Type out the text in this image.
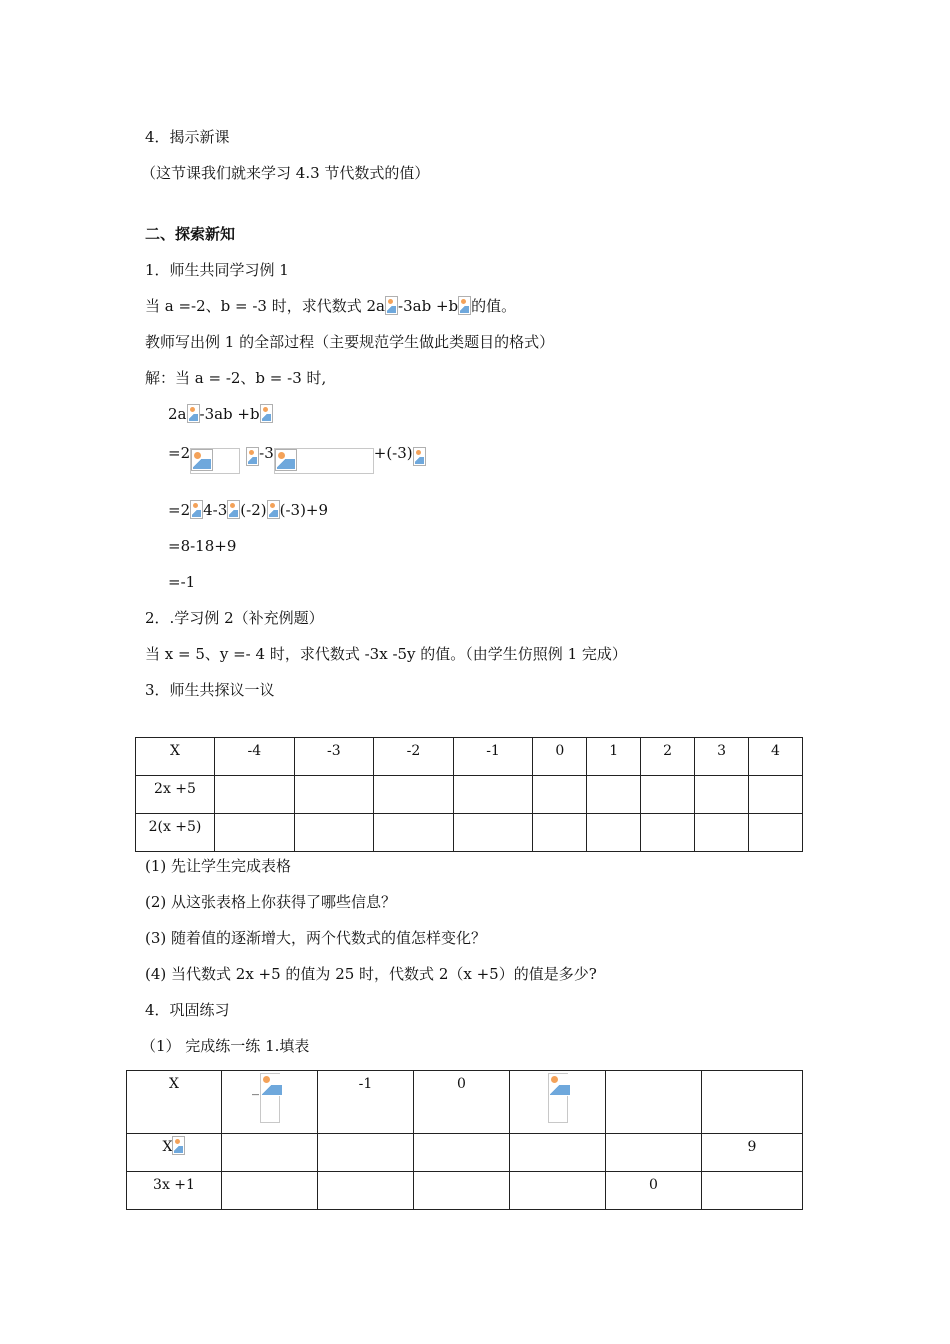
4．揭示新课
（这节课我们就来学习 4.3 节代数式的值）
二、探索新知
1．师生共同学习例 1
当 a =-2、b = -3 时，求代数式 2a -3ab +b 的值。
教师写出例 1 的全部过程（主要规范学生做此类题目的格式）
解：当 a = -2、b = -3 时,
2a -3ab +b
=2	-3	+(-3)
=2 4-3 (-2) (-3)+9
=8-18+9
=-1
2．.学习例 2（补充例题）
当 x = 5、y =- 4 时，求代数式 -3x -5y 的值。（由学生仿照例 1 完成）
3．师生共探议一议
X	-4	-3	-2	-1	0	1	2	3	4
2x +5									
2(x +5)									
(1) 先让学生完成表格
(2) 从这张表格上你获得了哪些信息？
(3) 随着值的逐渐增大，两个代数式的值怎样变化？
(4) 当代数式 2x +5 的值为 25 时，代数式 2（x +5）的值是多少?
4．巩固练习
（1） 完成练一练 1.填表
X	_	-1	0	

X						9
3x +1					0	
